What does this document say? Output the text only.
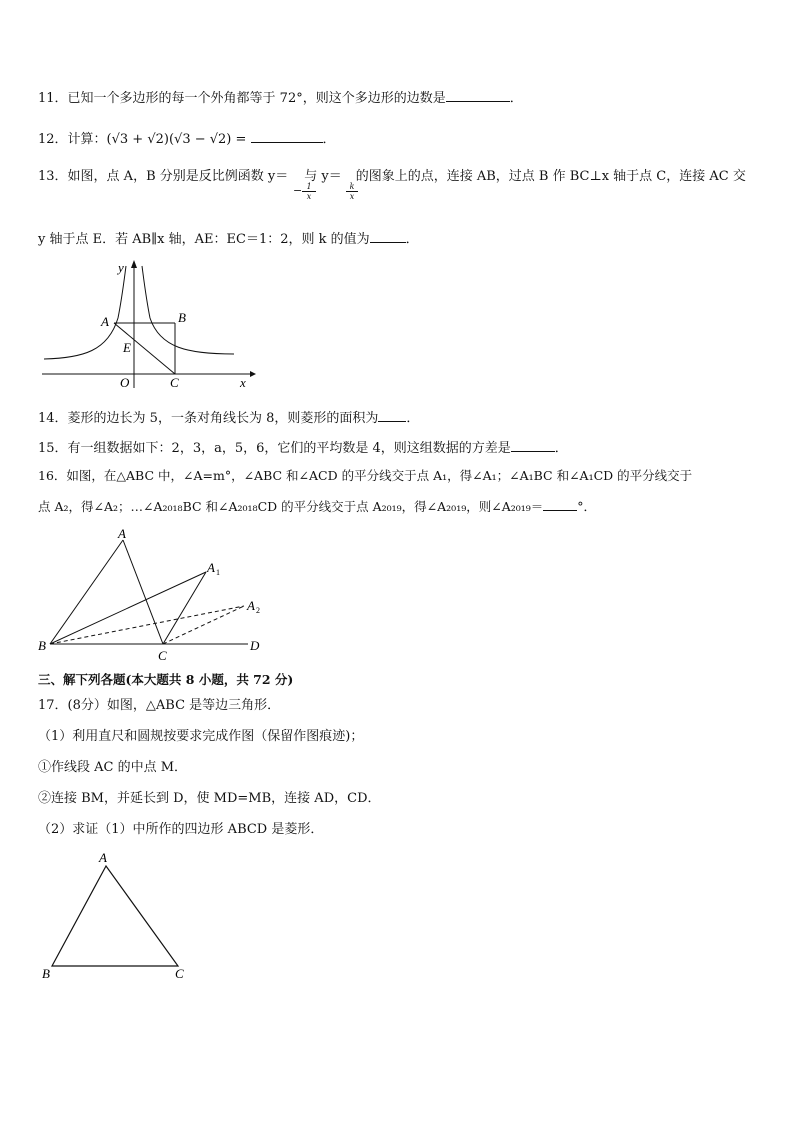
11．已知一个多边形的每一个外角都等于 72°，则这个多边形的边数是	．
12．计算：(√3 + √2)(√3 − √2) =	．
13．如图，点 A，B 分别是反比例函数 y＝ 与 y＝ 的图象上的点，连接 AB，过点 B 作 BC⊥x 轴于点 C，连接 AC 交
$\frac{1}{x}$
−	$\frac{k}{x}$
y 轴于点 E．若 AB∥x 轴，AE：EC＝1：2，则 k 的值为	．
y
x
A	B
E
O	C
14．菱形的边长为 5，一条对角线长为 8，则菱形的面积为 ．
15．有一组数据如下：2，3，a，5，6，它们的平均数是 4，则这组数据的方差是	．
16．如图，在△ABC 中，∠A=m°，∠ABC 和∠ACD 的平分线交于点 A₁，得∠A₁；∠A₁BC 和∠A₁CD 的平分线交于
点 A₂，得∠A₂；…∠A₂₀₁₈BC 和∠A₂₀₁₈CD 的平分线交于点 A₂₀₁₉，得∠A₂₀₁₉，则∠A₂₀₁₉＝	°．
A
A 1
A 2
B
C
D
三、解下列各题(本大题共 8 小题，共 72 分)
17．(8分）如图，△ABC 是等边三角形．
（1）利用直尺和圆规按要求完成作图（保留作图痕迹)；
①作线段 AC 的中点 M．
②连接 BM，并延长到 D，使 MD=MB，连接 AD，CD．
（2）求证（1）中所作的四边形 ABCD 是菱形．
A
B	C
